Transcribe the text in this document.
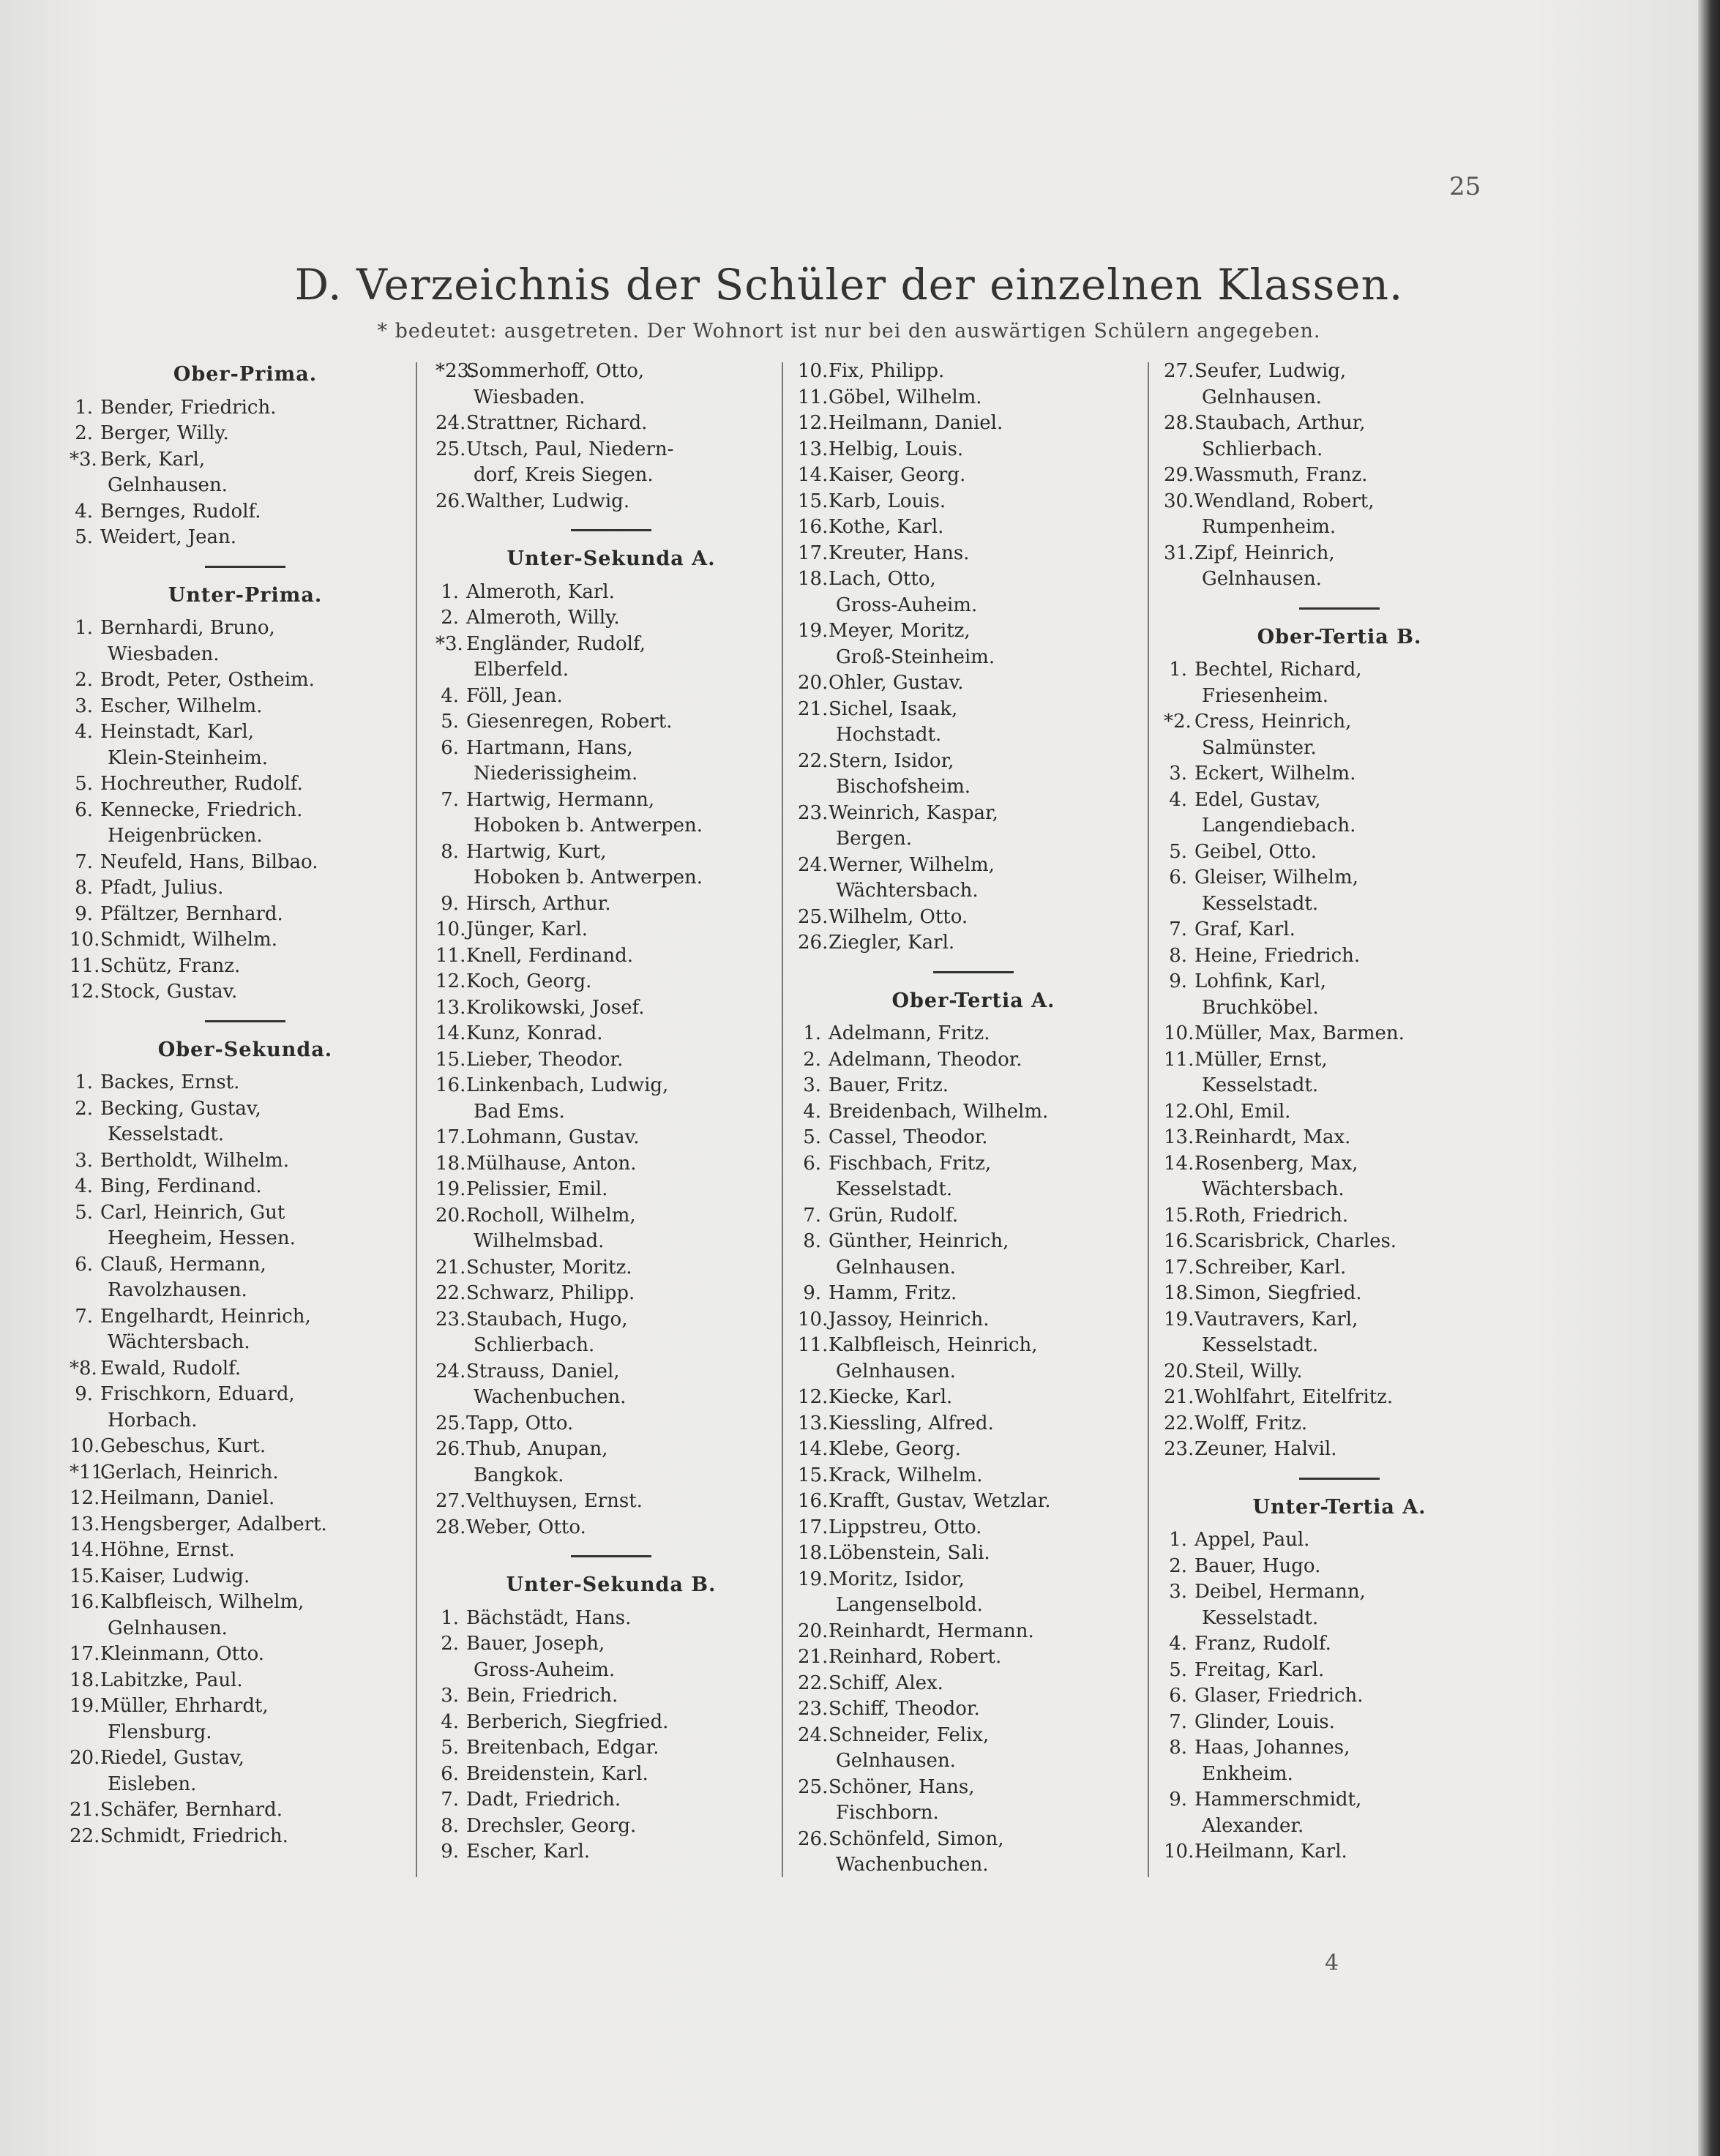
25
D. Verzeichnis der Schüler der einzelnen Klassen.
* bedeutet: ausgetreten. Der Wohnort ist nur bei den auswärtigen Schülern angegeben.
Ober-Prima.
1. Bender, Friedrich.
2. Berger, Willy.
*3. Berk, Karl,
Gelnhausen.
4. Bernges, Rudolf.
5. Weidert, Jean.
Unter-Prima.
1. Bernhardi, Bruno,
Wiesbaden.
2. Brodt, Peter, Ostheim.
3. Escher, Wilhelm.
4. Heinstadt, Karl,
Klein-Steinheim.
5. Hochreuther, Rudolf.
6. Kennecke, Friedrich.
Heigenbrücken.
7. Neufeld, Hans, Bilbao.
8. Pfadt, Julius.
9. Pfältzer, Bernhard.
10. Schmidt, Wilhelm.
11. Schütz, Franz.
12. Stock, Gustav.
Ober-Sekunda.
1. Backes, Ernst.
2. Becking, Gustav,
Kesselstadt.
3. Bertholdt, Wilhelm.
4. Bing, Ferdinand.
5. Carl, Heinrich, Gut
Heegheim, Hessen.
6. Clauß, Hermann,
Ravolzhausen.
7. Engelhardt, Heinrich,
Wächtersbach.
*8. Ewald, Rudolf.
9. Frischkorn, Eduard,
Horbach.
10. Gebeschus, Kurt.
*11.
Gerlach, Heinrich.
12. Heilmann, Daniel.
13. Hengsberger, Adalbert.
14. Höhne, Ernst.
15. Kaiser, Ludwig.
16. Kalbfleisch, Wilhelm,
Gelnhausen.
17. Kleinmann, Otto.
18. Labitzke, Paul.
19. Müller, Ehrhardt,
Flensburg.
20. Riedel, Gustav,
Eisleben.
21. Schäfer, Bernhard.
22. Schmidt, Friedrich.
*23.
Sommerhoff, Otto,
Wiesbaden.
24. Strattner, Richard.
25. Utsch, Paul, Niedern-
dorf, Kreis Siegen.
26. Walther, Ludwig.
Unter-Sekunda A.
1. Almeroth, Karl.
2. Almeroth, Willy.
*3. Engländer, Rudolf,
Elberfeld.
4. Föll, Jean.
5. Giesenregen, Robert.
6. Hartmann, Hans,
Niederissigheim.
7. Hartwig, Hermann,
Hoboken b. Antwerpen.
8. Hartwig, Kurt,
Hoboken b. Antwerpen.
9. Hirsch, Arthur.
10. Jünger, Karl.
11. Knell, Ferdinand.
12. Koch, Georg.
13. Krolikowski, Josef.
14. Kunz, Konrad.
15. Lieber, Theodor.
16. Linkenbach, Ludwig,
Bad Ems.
17. Lohmann, Gustav.
18. Mülhause, Anton.
19. Pelissier, Emil.
20. Rocholl, Wilhelm,
Wilhelmsbad.
21. Schuster, Moritz.
22. Schwarz, Philipp.
23. Staubach, Hugo,
Schlierbach.
24. Strauss, Daniel,
Wachenbuchen.
25. Tapp, Otto.
26. Thub, Anupan,
Bangkok.
27. Velthuysen, Ernst.
28. Weber, Otto.
Unter-Sekunda B.
1. Bächstädt, Hans.
2. Bauer, Joseph,
Gross-Auheim.
3. Bein, Friedrich.
4. Berberich, Siegfried.
5. Breitenbach, Edgar.
6. Breidenstein, Karl.
7. Dadt, Friedrich.
8. Drechsler, Georg.
9. Escher, Karl.
10. Fix, Philipp.
11. Göbel, Wilhelm.
12. Heilmann, Daniel.
13. Helbig, Louis.
14. Kaiser, Georg.
15. Karb, Louis.
16. Kothe, Karl.
17. Kreuter, Hans.
18. Lach, Otto,
Gross-Auheim.
19. Meyer, Moritz,
Groß-Steinheim.
20. Ohler, Gustav.
21. Sichel, Isaak,
Hochstadt.
22. Stern, Isidor,
Bischofsheim.
23. Weinrich, Kaspar,
Bergen.
24. Werner, Wilhelm,
Wächtersbach.
25. Wilhelm, Otto.
26. Ziegler, Karl.
Ober-Tertia A.
1. Adelmann, Fritz.
2. Adelmann, Theodor.
3. Bauer, Fritz.
4. Breidenbach, Wilhelm.
5. Cassel, Theodor.
6. Fischbach, Fritz,
Kesselstadt.
7. Grün, Rudolf.
8. Günther, Heinrich,
Gelnhausen.
9. Hamm, Fritz.
10. Jassoy, Heinrich.
11. Kalbfleisch, Heinrich,
Gelnhausen.
12. Kiecke, Karl.
13. Kiessling, Alfred.
14. Klebe, Georg.
15. Krack, Wilhelm.
16. Krafft, Gustav, Wetzlar.
17. Lippstreu, Otto.
18. Löbenstein, Sali.
19. Moritz, Isidor,
Langenselbold.
20. Reinhardt, Hermann.
21. Reinhard, Robert.
22. Schiff, Alex.
23. Schiff, Theodor.
24. Schneider, Felix,
Gelnhausen.
25. Schöner, Hans,
Fischborn.
26. Schönfeld, Simon,
Wachenbuchen.
27. Seufer, Ludwig,
Gelnhausen.
28. Staubach, Arthur,
Schlierbach.
29. Wassmuth, Franz.
30. Wendland, Robert,
Rumpenheim.
31. Zipf, Heinrich,
Gelnhausen.
Ober-Tertia B.
1. Bechtel, Richard,
Friesenheim.
*2. Cress, Heinrich,
Salmünster.
3. Eckert, Wilhelm.
4. Edel, Gustav,
Langendiebach.
5. Geibel, Otto.
6. Gleiser, Wilhelm,
Kesselstadt.
7. Graf, Karl.
8. Heine, Friedrich.
9. Lohfink, Karl,
Bruchköbel.
10. Müller, Max, Barmen.
11. Müller, Ernst,
Kesselstadt.
12. Ohl, Emil.
13. Reinhardt, Max.
14. Rosenberg, Max,
Wächtersbach.
15. Roth, Friedrich.
16. Scarisbrick, Charles.
17. Schreiber, Karl.
18. Simon, Siegfried.
19. Vautravers, Karl,
Kesselstadt.
20. Steil, Willy.
21. Wohlfahrt, Eitelfritz.
22. Wolff, Fritz.
23. Zeuner, Halvil.
Unter-Tertia A.
1. Appel, Paul.
2. Bauer, Hugo.
3. Deibel, Hermann,
Kesselstadt.
4. Franz, Rudolf.
5. Freitag, Karl.
6. Glaser, Friedrich.
7. Glinder, Louis.
8. Haas, Johannes,
Enkheim.
9. Hammerschmidt,
Alexander.
10. Heilmann, Karl.
4
